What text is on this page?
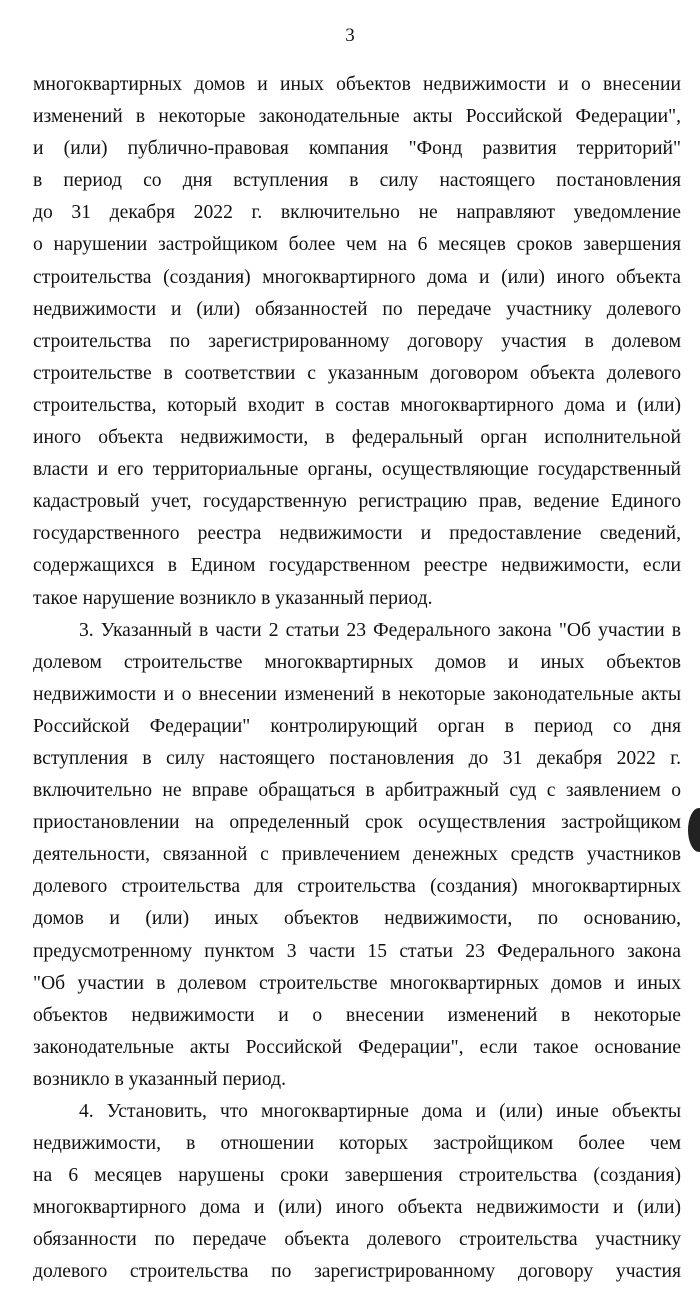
3
многоквартирных домов и иных объектов недвижимости и о внесении
изменений в некоторые законодательные акты Российской Федерации",
и (или) публично-правовая компания "Фонд развития территорий"
в период со дня вступления в силу настоящего постановления
до 31 декабря 2022 г. включительно не направляют уведомление
о нарушении застройщиком более чем на 6 месяцев сроков завершения
строительства (создания) многоквартирного дома и (или) иного объекта
недвижимости и (или) обязанностей по передаче участнику долевого
строительства по зарегистрированному договору участия в долевом
строительстве в соответствии с указанным договором объекта долевого
строительства, который входит в состав многоквартирного дома и (или)
иного объекта недвижимости, в федеральный орган исполнительной
власти и его территориальные органы, осуществляющие государственный
кадастровый учет, государственную регистрацию прав, ведение Единого
государственного реестра недвижимости и предоставление сведений,
содержащихся в Едином государственном реестре недвижимости, если
такое нарушение возникло в указанный период.
3. Указанный в части 2 статьи 23 Федерального закона "Об участии в
долевом строительстве многоквартирных домов и иных объектов
недвижимости и о внесении изменений в некоторые законодательные акты
Российской Федерации" контролирующий орган в период со дня
вступления в силу настоящего постановления до 31 декабря 2022 г.
включительно не вправе обращаться в арбитражный суд с заявлением о
приостановлении на определенный срок осуществления застройщиком
деятельности, связанной с привлечением денежных средств участников
долевого строительства для строительства (создания) многоквартирных
домов и (или) иных объектов недвижимости, по основанию,
предусмотренному пунктом 3 части 15 статьи 23 Федерального закона
"Об участии в долевом строительстве многоквартирных домов и иных
объектов недвижимости и о внесении изменений в некоторые
законодательные акты Российской Федерации", если такое основание
возникло в указанный период.
4. Установить, что многоквартирные дома и (или) иные объекты
недвижимости, в отношении которых застройщиком более чем
на 6 месяцев нарушены сроки завершения строительства (создания)
многоквартирного дома и (или) иного объекта недвижимости и (или)
обязанности по передаче объекта долевого строительства участнику
долевого строительства по зарегистрированному договору участия
